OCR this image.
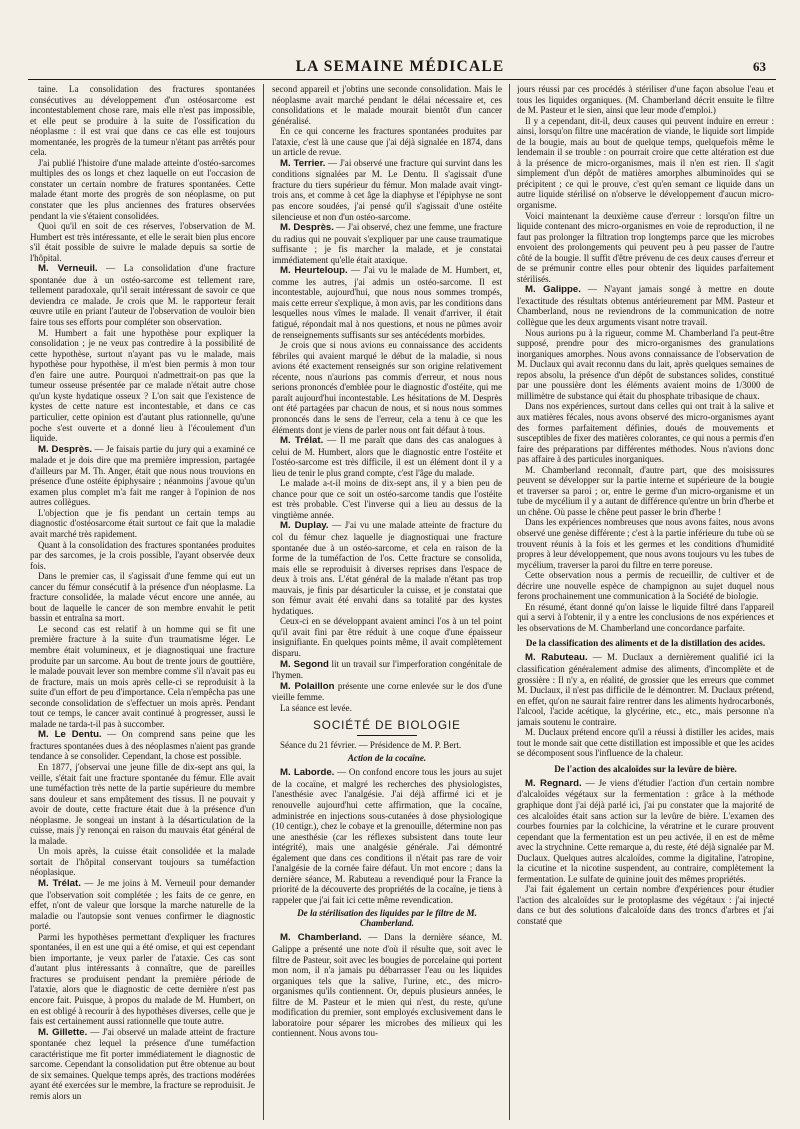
LA SEMAINE MÉDICALE	63

taine. La consolidation des fractures spontanées consécutives au développement d'un ostéosarcome est incontestablement chose rare, mais elle n'est pas impossible, et elle peut se produire à la suite de l'ossification du néoplasme : il est vrai que dans ce cas elle est toujours momentanée, les progrès de la tumeur n'étant pas arrêtés pour cela.

J'ai publié l'histoire d'une malade atteinte d'ostéo-sarcomes multiples des os longs et chez laquelle on eut l'occasion de constater un certain nombre de fratures spontanées. Cette malade étant morte des progrès de son néoplasme, on put constater que les plus anciennes des fratures observées pendant la vie s'étaient consolidées.

Quoi qu'il en soit de ces réserves, l'observation de M. Humbert est très intéressante, et elle le serait bien plus encore s'il était possible de suivre le malade depuis sa sortie de l'hôpital.

M. Verneuil. — La consolidation d'une fracture spontanée due à un ostéo-sarcome est tellement rare, tellement paradoxale, qu'il serait intéressant de savoir ce que deviendra ce malade. Je crois que M. le rapporteur ferait œuvre utile en priant l'auteur de l'observation de vouloir bien faire tous ses efforts pour compléter son observation.

M. Humbert a fait une hypothèse pour expliquer la consolidation ; je ne veux pas contredire à la possibilité de cette hypothèse, surtout n'ayant pas vu le malade, mais hypothèse pour hypothèse, il m'est bien permis à mon tour d'en faire une autre. Pourquoi n'admettrait-on pas que la tumeur osseuse présentée par ce malade n'était autre chose qu'un kyste hydatique osseux ? L'on sait que l'existence de kystes de cette nature est incontestable, et dans ce cas particulier, cette opinion est d'autant plus rationnelle, qu'une poche s'est ouverte et a donné lieu à l'écoulement d'un liquide.

M. Desprès. — Je faisais partie du jury qui a examiné ce malade et je dois dire que ma première impression, partagée d'ailleurs par M. Th. Anger, était que nous nous trouvions en présence d'une ostéite épiphysaire ; néanmoins j'avoue qu'un examen plus complet m'a fait me ranger à l'opinion de nos autres collègues.

L'objection que je fis pendant un certain temps au diagnostic d'ostéosarcome était surtout ce fait que la maladie avait marché très rapidement.

Quant à la consolidation des fractures spontanées produites par des sarcomes, je la crois possible, l'ayant observée deux fois.

Dans le premier cas, il s'agissait d'une femme qui eut un cancer du fémur consécutif à la présence d'un néoplasme. La fracture consolidée, la malade vécut encore une année, au bout de laquelle le cancer de son membre envahit le petit bassin et entraîna sa mort.

Le second cas est relatif à un homme qui se fit une première fracture à la suite d'un traumatisme léger. Le membre était volumineux, et je diagnostiquai une fracture produite par un sarcome. Au bout de trente jours de gouttière, le malade pouvait lever son membre comme s'il n'avait pas eu de fracture, mais un mois après celle-ci se reproduisit à la suite d'un effort de peu d'importance. Cela n'empêcha pas une seconde consolidation de s'effectuer un mois après. Pendant tout ce temps, le cancer avait continué à progresser, aussi le malade ne tarda-t-il pas à succomber.

M. Le Dentu. — On comprend sans peine que les fractures spontanées dues à des néoplasmes n'aient pas grande tendance à se consolider. Cependant, la chose est possible.

En 1877, j'observai une jeune fille de dix-sept ans qui, la veille, s'était fait une fracture spontanée du fémur. Elle avait une tuméfaction très nette de la partie supérieure du membre sans douleur et sans empâtement des tissus. Il ne pouvait y avoir de doute, cette fracture était due à la présence d'un néoplasme. Je songeai un instant à la désarticulation de la cuisse, mais j'y renonçai en raison du mauvais état général de la malade.

Un mois après, la cuisse était consolidée et la malade sortait de l'hôpital conservant toujours sa tuméfaction néoplasique.

M. Trélat. — Je me joins à M. Verneuil pour demander que l'observation soit complétée ; les faits de ce genre, en effet, n'ont de valeur que lorsque la marche naturelle de la maladie ou l'autopsie sont venues confirmer le diagnostic porté.

Parmi les hypothèses permettant d'expliquer les fractures spontanées, il en est une qui a été omise, et qui est cependant bien importante, je veux parler de l'ataxie. Ces cas sont d'autant plus intéressants à connaître, que de pareilles fractures se produisent pendant la première période de l'ataxie, alors que le diagnostic de cette dernière n'est pas encore fait. Puisque, à propos du malade de M. Humbert, on en est obligé à recourir à des hypothèses diverses, celle que je fais est certainement aussi rationnelle que toute autre.

M. Gillette. — J'ai observé un malade atteint de fracture spontanée chez lequel la présence d'une tuméfaction caractéristique me fit porter immédiatement le diagnostic de sarcome. Cependant la consolidation put être obtenue au bout de six semaines. Quelque temps après, des tractions modérées ayant été exercées sur le membre, la fracture se reproduisit. Je remis alors un

second appareil et j'obtins une seconde consolidation. Mais le néoplasme avait marché pendant le délai nécessaire et, ces consolidations et le malade mourait bientôt d'un cancer généralisé.

En ce qui concerne les fractures spontanées produites par l'ataxie, c'est là une cause que j'ai déjà signalée en 1874, dans un article de revue.

M. Terrier. — J'ai observé une fracture qui survint dans les conditions signalées par M. Le Dentu. Il s'agissait d'une fracture du tiers supérieur du fémur. Mon malade avait vingt-trois ans, et comme à cet âge la diaphyse et l'épiphyse ne sont pas encore soudées, j'ai pensé qu'il s'agissait d'une ostéite silencieuse et non d'un ostéo-sarcome.

M. Desprès. — J'ai observé, chez une femme, une fracture du radius qui ne pouvait s'expliquer par une cause traumatique suffisante ; je fis marcher la malade, et je constatai immédiatement qu'elle était ataxique.

M. Heurteloup. — J'ai vu le malade de M. Humbert, et, comme les autres, j'ai admis un ostéo-sarcome. Il est incontestable, aujourd'hui, que nous nous sommes trompés, mais cette erreur s'explique, à mon avis, par les conditions dans lesquelles nous vîmes le malade. Il venait d'arriver, il était fatigué, répondait mal à nos questions, et nous ne pûmes avoir de renseignements suffisants sur ses antécédents morbides.

Je crois que si nous avions eu connaissance des accidents fébriles qui avaient marqué le début de la maladie, si nous avions été exactement renseignés sur son origine relativement récente, nous n'aurions pas commis d'erreur, et nous nous serions prononcés d'emblée pour le diagnostic d'ostéite, qui me paraît aujourd'hui incontestable. Les hésitations de M. Desprès ont été partagées par chacun de nous, et si nous nous sommes prononcés dans le sens de l'erreur, cela a tenu à ce que les éléments dont je viens de parler nous ont fait défaut à tous.

M. Trélat. — Il me paraît que dans des cas analogues à celui de M. Humbert, alors que le diagnostic entre l'ostéite et l'ostéo-sarcome est très difficile, il est un élément dont il y a lieu de tenir le plus grand compte, c'est l'âge du malade.

Le malade a-t-il moins de dix-sept ans, il y a bien peu de chance pour que ce soit un ostéo-sarcome tandis que l'ostéite est très probable. C'est l'inverse qui a lieu au dessus de la vingtième année.

M. Duplay. — J'ai vu une malade atteinte de fracture du col du fémur chez laquelle je diagnostiquai une fracture spontanée due à un ostéo-sarcome, et cela en raison de la forme de la tuméfaction de l'os. Cette fracture se consolida, mais elle se reproduisit à diverses reprises dans l'espace de deux à trois ans. L'état général de la malade n'étant pas trop mauvais, je finis par désarticuler la cuisse, et je constatai que son fémur avait été envahi dans sa totalité par des kystes hydatiques.

Ceux-ci en se développant avaient aminci l'os à un tel point qu'il avait fini par être réduit à une coque d'une épaisseur insignifiante. En quelques points même, il avait complètement disparu.

M. Segond lit un travail sur l'imperforation congénitale de l'hymen.

M. Polaillon présente une corne enlevée sur le dos d'une vieille femme.

La séance est levée.

SOCIÉTÉ DE BIOLOGIE

Séance du 21 février. — Présidence de M. P. Bert.

Action de la cocaïne.

M. Laborde. — On confond encore tous les jours au sujet de la cocaïne, et malgré les recherches des physiologistes, l'anesthésie avec l'analgésie. J'ai déjà affirmé ici et je renouvelle aujourd'hui cette affirmation, que la cocaïne, administrée en injections sous-cutanées à dose physiologique (10 centigr.), chez le cobaye et la grenouille, détermine non pas une anesthésie (car les réflexes subsistent dans toute leur intégrité), mais une analgésie générale. J'ai démontré également que dans ces conditions il n'était pas rare de voir l'analgésie de la cornée faire défaut. Un mot encore ; dans la dernière séance, M. Rabuteau a revendiqué pour la France la priorité de la découverte des propriétés de la cocaïne, je tiens à rappeler que j'ai fait ici cette même revendication.

De la stérilisation des liquides par le filtre de M. Chamberland.

M. Chamberland. — Dans la dernière séance, M. Galippe a présenté une note d'où il résulte que, soit avec le filtre de Pasteur, soit avec les bougies de porcelaine qui portent mon nom, il n'a jamais pu débarrasser l'eau ou les liquides organiques tels que la salive, l'urine, etc., des micro-organismes qu'ils contiennent. Or, depuis plusieurs années, le filtre de M. Pasteur et le mien qui n'est, du reste, qu'une modification du premier, sont employés exclusivement dans le laboratoire pour séparer les microbes des milieux qui les contiennent. Nous avons tou-

jours réussi par ces procédés à stériliser d'une façon absolue l'eau et tous les liquides organiques. (M. Chamberland décrit ensuite le filtre de M. Pasteur et le sien, ainsi que leur mode d'emploi.)

Il y a cependant, dit-il, deux causes qui peuvent induire en erreur : ainsi, lorsqu'on filtre une macération de viande, le liquide sort limpide de la bougie, mais au bout de quelque temps, quelquefois même le lendemain il se trouble : on pourrait croire que cette altération est due à la présence de micro-organismes, mais il n'en est rien. Il s'agit simplement d'un dépôt de matières amorphes albuminoïdes qui se précipitent ; ce qui le prouve, c'est qu'en semant ce liquide dans un autre liquide stérilisé on n'observe le développement d'aucun micro-organisme.

Voici maintenant la deuxième cause d'erreur : lorsqu'on filtre un liquide contenant des micro-organismes en voie de reproduction, il ne faut pas prolonger la filtration trop longtemps parce que les microbes envoient des prolongements qui peuvent peu à peu passer de l'autre côté de la bougie. Il suffit d'être prévenu de ces deux causes d'erreur et de se prémunir contre elles pour obtenir des liquides parfaitement stérilisés.

M. Galippe. — N'ayant jamais songé à mettre en doute l'exactitude des résultats obtenus antérieurement par MM. Pasteur et Chamberland, nous ne reviendrons de la communication de notre collègue que les deux arguments visant notre travail.

Nous aurions pu à la rigueur, comme M. Chamberland l'a peut-être supposé, prendre pour des micro-organismes des granulations inorganiques amorphes. Nous avons connaissance de l'observation de M. Duclaux qui avait reconnu dans du lait, après quelques semaines de repos absolu, la présence d'un dépôt de substances solides, constitué par une poussière dont les éléments avaient moins de 1/3000 de millimètre de substance qui était du phosphate tribasique de chaux.

Dans nos expériences, surtout dans celles qui ont trait à la salive et aux matières fécales, nous avons observé des micro-organismes ayant des formes parfaitement définies, doués de mouvements et susceptibles de fixer des matières colorantes, ce qui nous a permis d'en faire des préparations par différentes méthodes. Nous n'avions donc pas affaire à des particules inorganiques.

M. Chamberland reconnaît, d'autre part, que des moisissures peuvent se développer sur la partie interne et supérieure de la bougie et traverser sa paroi ; or, entre le germe d'un micro-organisme et un tube de mycélium il y a autant de différence qu'entre un brin d'herbe et un chêne. Où passe le chêne peut passer le brin d'herbe !

Dans les expériences nombreuses que nous avons faites, nous avons observé une genèse différente ; c'est à la partie inférieure du tube où se trouvent réunis à la fois et les germes et les conditions d'humidité propres à leur développement, que nous avons toujours vu les tubes de mycélium, traverser la paroi du filtre en terre poreuse.

Cette observation nous a permis de recueillir, de cultiver et de décrire une nouvelle espèce de champignon au sujet duquel nous ferons prochainement une communication à la Société de biologie.

En résumé, étant donné qu'on laisse le liquide filtré dans l'appareil qui a servi à l'obtenir, il y a entre les conclusions de nos expériences et les observations de M. Chamberland une concordance parfaite.

De la classification des aliments et de la distillation des acides.

M. Rabuteau. — M. Duclaux a dernièrement qualifié ici la classification généralement admise des aliments, d'incomplète et de grossière : Il n'y a, en réalité, de grossier que les erreurs que commet M. Duclaux, il n'est pas difficile de le démontrer. M. Duclaux prétend, en effet, qu'on ne saurait faire rentrer dans les aliments hydrocarbonés, l'alcool, l'acide acétique, la glycérine, etc., etc., mais personne n'a jamais soutenu le contraire.

M. Duclaux prétend encore qu'il a réussi à distiller les acides, mais tout le monde sait que cette distillation est impossible et que les acides se décomposent sous l'influence de la chaleur.

De l'action des alcaloïdes sur la levûre de bière.

M. Regnard. — Je viens d'étudier l'action d'un certain nombre d'alcaloïdes végétaux sur la fermentation : grâce à la méthode graphique dont j'ai déjà parlé ici, j'ai pu constater que la majorité de ces alcaloïdes était sans action sur la levûre de bière. L'examen des courbes fournies par la colchicine, la vératrine et le curare prouvent cependant que la fermentation est un peu activée, il en est de même avec la strychnine. Cette remarque a, du reste, été déjà signalée par M. Duclaux. Quelques autres alcaloïdes, comme la digitaline, l'atropine, la cicutine et la nicotine suspendent, au contraire, complètement la fermentation. Le sulfate de quinine jouit des mêmes propriétés.

J'ai fait également un certain nombre d'expériences pour étudier l'action des alcaloïdes sur le protoplasme des végétaux : j'ai injecté dans ce but des solutions d'alcaloïde dans des troncs d'arbres et j'ai constaté que
